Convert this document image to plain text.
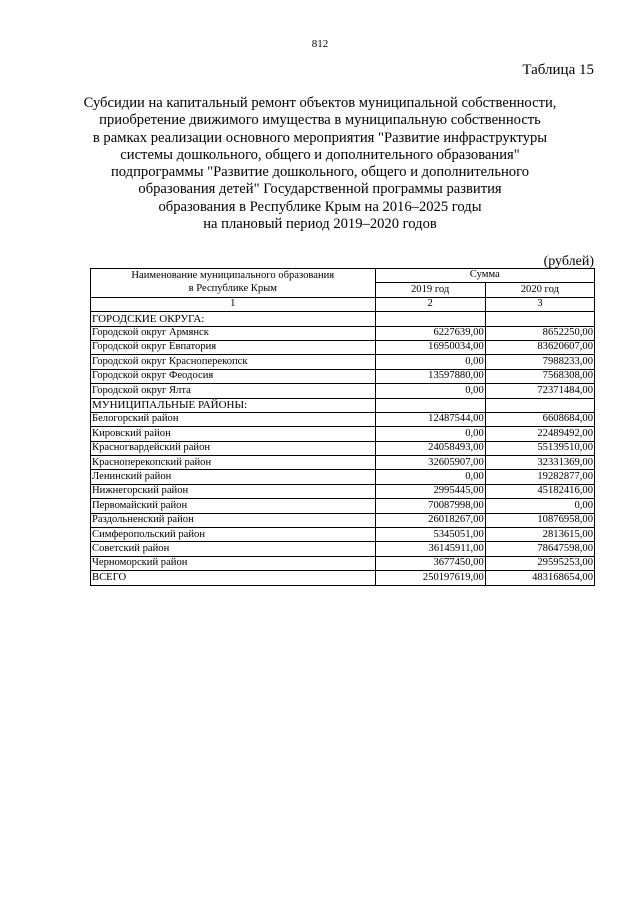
812
Таблица 15
Субсидии на капитальный ремонт объектов муниципальной собственности,
приобретение движимого имущества в муниципальную собственность
в рамках реализации основного мероприятия "Развитие инфраструктуры
системы дошкольного, общего и дополнительного образования"
подпрограммы "Развитие дошкольного, общего и дополнительного
образования детей" Государственной программы развития
образования в Республике Крым на 2016–2025 годы
на плановый период 2019–2020 годов
(рублей)
Наименование муниципального образования
в Республике Крым	Сумма	
	2019 год	2020 год
1	2	3
ГОРОДСКИЕ ОКРУГА:		
Городской округ Армянск	6227639,00	8652250,00
Городской округ Евпатория	16950034,00	83620607,00
Городской округ Красноперекопск	0,00	7988233,00
Городской округ Феодосия	13597880,00	7568308,00
Городской округ Ялта	0,00	72371484,00
МУНИЦИПАЛЬНЫЕ РАЙОНЫ:		
Белогорский район	12487544,00	6608684,00
Кировский район	0,00	22489492,00
Красногвардейский район	24058493,00	55139510,00
Красноперекопский район	32605907,00	32331369,00
Ленинский район	0,00	19282877,00
Нижнегорский район	2995445,00	45182416,00
Первомайский район	70087998,00	0,00
Раздольненский район	26018267,00	10876958,00
Симферопольский район	5345051,00	2813615,00
Советский район	36145911,00	78647598,00
Черноморский район	3677450,00	29595253,00
ВСЕГО	250197619,00	483168654,00
